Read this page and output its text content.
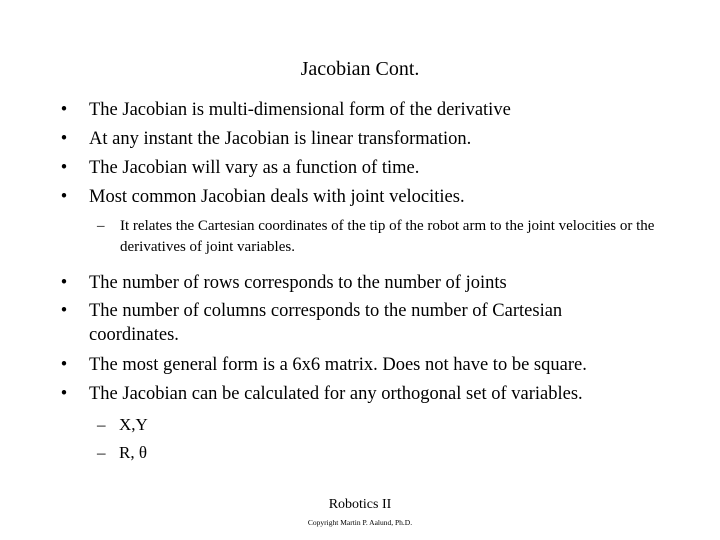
Jacobian Cont.
• The Jacobian is multi-dimensional form of the derivative
• At any instant the Jacobian is linear transformation.
• The Jacobian will vary as a function of time.
• Most common Jacobian deals with joint velocities.
– It relates the Cartesian coordinates of the tip of the robot arm to the joint velocities or the derivatives of joint variables.
• The number of rows corresponds to the number of joints
• The number of columns corresponds to the number of Cartesian coordinates.
• The most general form is a 6x6 matrix. Does not have to be square.
• The Jacobian can be calculated for any orthogonal set of variables.
– X,Y
– R, θ
Robotics II
Copyright Martin P. Aalund, Ph.D.
